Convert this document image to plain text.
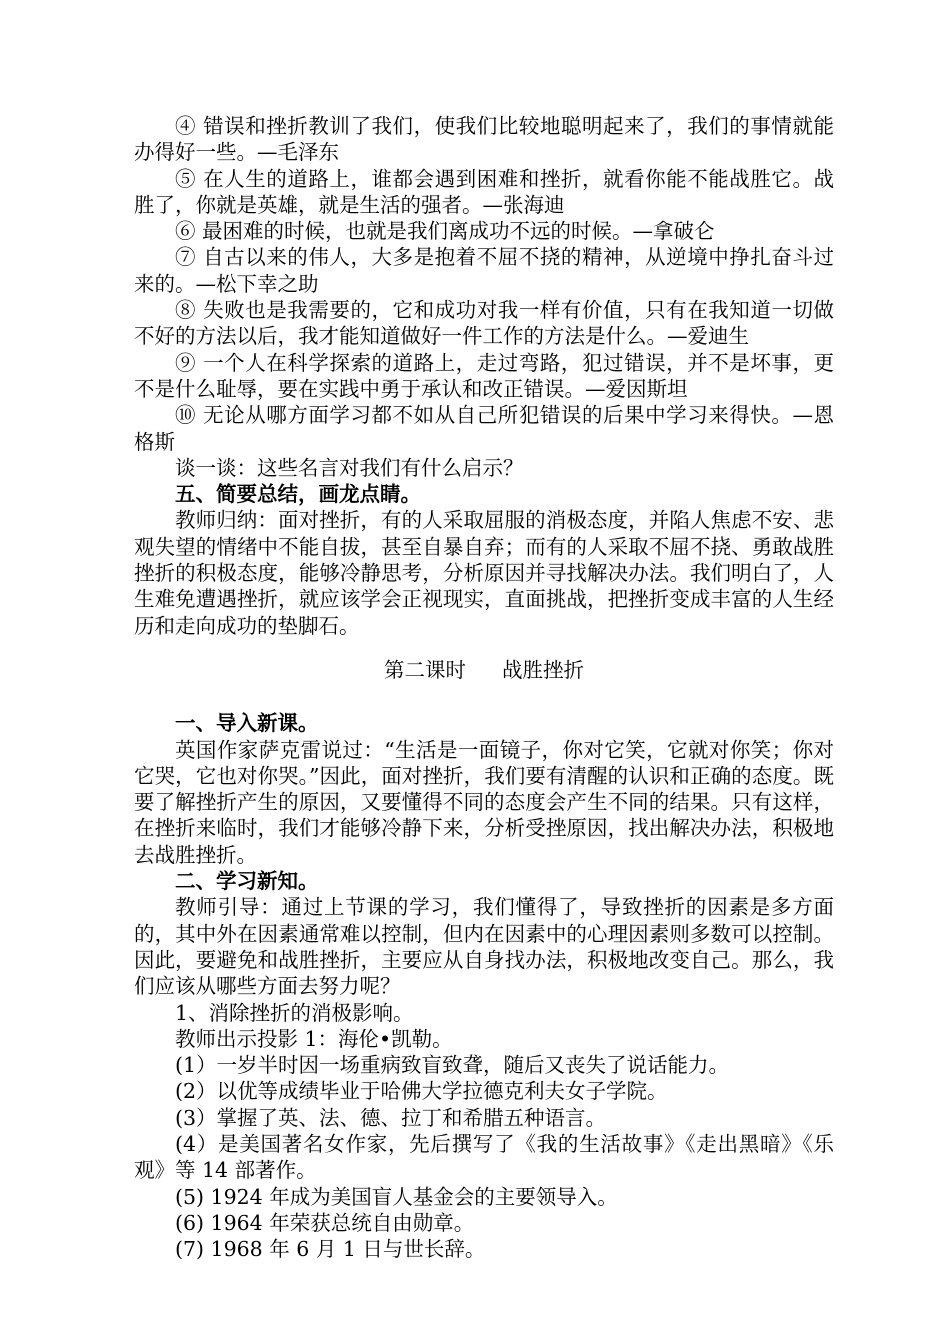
④ 错误和挫折教训了我们，使我们比较地聪明起来了，我们的事情就能办得好一些。—毛泽东

⑤ 在人生的道路上，谁都会遇到困难和挫折，就看你能不能战胜它。战胜了，你就是英雄，就是生活的强者。—张海迪

⑥ 最困难的时候，也就是我们离成功不远的时候。—拿破仑

⑦ 自古以来的伟人，大多是抱着不屈不挠的精神，从逆境中挣扎奋斗过来的。—松下幸之助

⑧ 失败也是我需要的，它和成功对我一样有价值，只有在我知道一切做不好的方法以后，我才能知道做好一件工作的方法是什么。—爱迪生

⑨ 一个人在科学探索的道路上，走过弯路，犯过错误，并不是坏事，更不是什么耻辱，要在实践中勇于承认和改正错误。—爱因斯坦

⑩ 无论从哪方面学习都不如从自己所犯错误的后果中学习来得快。—恩格斯

谈一谈：这些名言对我们有什么启示？

五、简要总结，画龙点睛。

教师归纳：面对挫折，有的人采取屈服的消极态度，并陷人焦虑不安、悲观失望的情绪中不能自拔，甚至自暴自弃；而有的人采取不屈不挠、勇敢战胜挫折的积极态度，能够冷静思考，分析原因并寻找解决办法。我们明白了，人生难免遭遇挫折，就应该学会正视现实，直面挑战，把挫折变成丰富的人生经历和走向成功的垫脚石。

第二课时 战胜挫折

一、导入新课。

英国作家萨克雷说过：“生活是一面镜子，你对它笑，它就对你笑；你对它哭，它也对你哭。”因此，面对挫折，我们要有清醒的认识和正确的态度。既要了解挫折产生的原因，又要懂得不同的态度会产生不同的结果。只有这样，在挫折来临时，我们才能够冷静下来，分析受挫原因，找出解决办法，积极地去战胜挫折。

二、学习新知。

教师引导：通过上节课的学习，我们懂得了，导致挫折的因素是多方面的，其中外在因素通常难以控制，但内在因素中的心理因素则多数可以控制。因此，要避免和战胜挫折，主要应从自身找办法，积极地改变自己。那么，我们应该从哪些方面去努力呢？

1、消除挫折的消极影响。

教师出示投影 1：海伦•凯勒。

(1）一岁半时因一场重病致盲致聋，随后又丧失了说话能力。

(2）以优等成绩毕业于哈佛大学拉德克利夫女子学院。

(3）掌握了英、法、德、拉丁和希腊五种语言。

(4）是美国著名女作家，先后撰写了《我的生活故事》《走出黑暗》《乐观》等 14 部著作。

(5) 1924 年成为美国盲人基金会的主要领导入。

(6) 1964 年荣获总统自由勋章。

(7) 1968 年 6 月 1 日与世长辞。
